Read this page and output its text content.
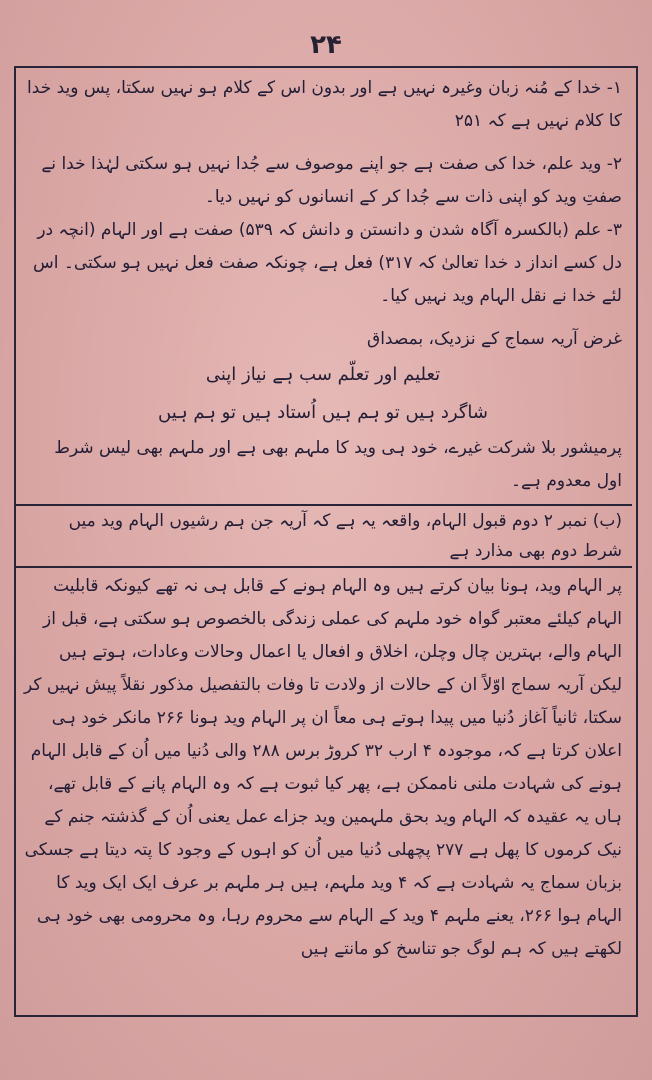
۲۴

۱- خدا کے مُنہ زبان وغیرہ نہیں ہے اور بدون اس کے کلام ہو نہیں سکتا، پس وید خدا کا کلام نہیں ہے کہ ۲۵۱

۲- وید علم، خدا کی صفت ہے جو اپنے موصوف سے جُدا نہیں ہو سکتی لہٰذا خدا نے صفتِ وید کو اپنی ذات سے جُدا کر کے انسانوں کو نہیں دیا۔

۳- علم (بالکسرہ آگاہ شدن و دانستن و دانش کہ ۵۳۹) صفت ہے اور الہام (انچہ در دل کسے انداز د خدا تعالیٰ کہ ۳۱۷) فعل ہے، چونکہ صفت فعل نہیں ہو سکتی۔ اس لئے خدا نے نقل الہام وید نہیں کیا۔

غرض آریہ سماج کے نزدیک، بمصداق

تعلیم اور تعلّم سب ہے نیاز اپنی

شاگرد ہیں تو ہم ہیں اُستاد ہیں تو ہم ہیں

پرمیشور بلا شرکت غیرے، خود ہی وید کا ملہم بھی ہے اور ملہم بھی لیس شرط اول معدوم ہے۔

(ب) نمبر ۲ دوم قبول الہام، واقعہ یہ ہے کہ آریہ جن ہم رشیوں الہام وید میں شرط دوم بھی مذارد ہے

پر الہام وید، ہونا بیان کرتے ہیں وہ الہام ہونے کے قابل ہی نہ تھے کیونکہ قابلیت الہام کیلئے معتبر گواہ خود ملہم کی عملی زندگی بالخصوص ہو سکتی ہے، قبل از الہام والے، بہترین چال وچلن، اخلاق و افعال یا اعمال وحالات وعادات، ہوتے ہیں لیکن آریہ سماج اوّلاً ان کے حالات از ولادت تا وفات بالتفصیل مذکور نقلاً پیش نہیں کر سکتا، ثانیاً آغاز دُنیا میں پیدا ہوتے ہی معاً ان پر الہام وید ہونا ۲۶۶ مانکر خود ہی اعلان کرتا ہے کہ، موجودہ ۴ ارب ۳۲ کروڑ برس ۲۸۸ والی دُنیا میں اُن کے قابل الہام ہونے کی شہادت ملنی ناممکن ہے، پھر کیا ثبوت ہے کہ وہ الہام پانے کے قابل تھے، ہاں یہ عقیدہ کہ الہام وید بحق ملہمین وید جزاے عمل یعنی اُن کے گذشتہ جنم کے نیک کرموں کا پھل ہے ۲۷۷ پچھلی دُنیا میں اُن کو اہوں کے وجود کا پتہ دیتا ہے جسکی بزبان سماج یہ شہادت ہے کہ ۴ وید ملہم، ہیں ہر ملہم بر عرف ایک ایک وید کا الہام ہوا ۲۶۶، یعنے ملہم ۴ وید کے الہام سے محروم رہا، وہ محرومی بھی خود ہی لکھتے ہیں کہ ہم لوگ جو تناسخ کو مانتے ہیں
